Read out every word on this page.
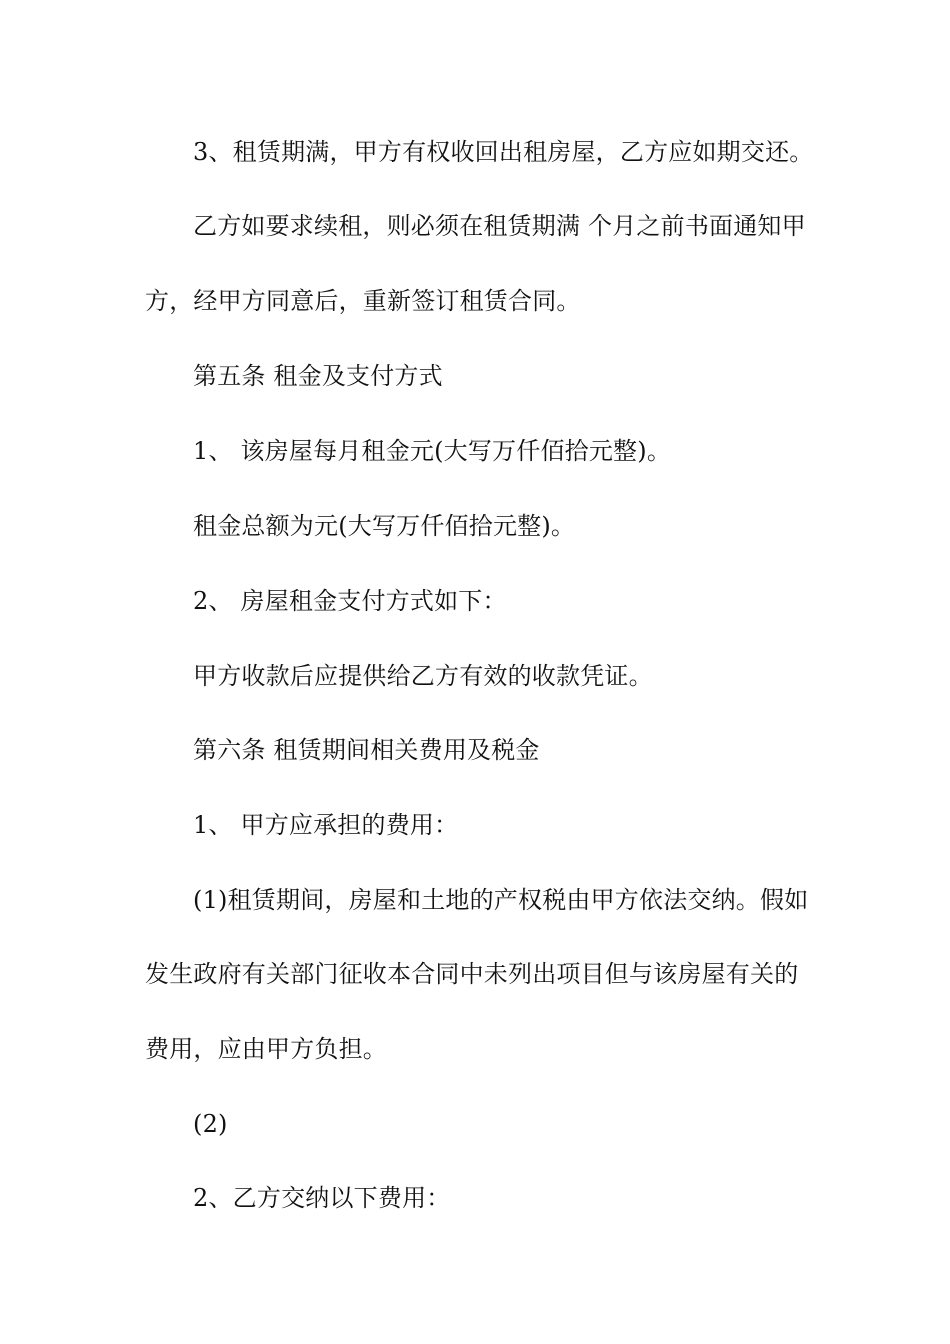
3、租赁期满，甲方有权收回出租房屋，乙方应如期交还。
乙方如要求续租，则必须在租赁期满 个月之前书面通知甲
方，经甲方同意后，重新签订租赁合同。
第五条 租金及支付方式
1、 该房屋每月租金元(大写万仟佰拾元整)。
租金总额为元(大写万仟佰拾元整)。
2、 房屋租金支付方式如下：
甲方收款后应提供给乙方有效的收款凭证。
第六条 租赁期间相关费用及税金
1、 甲方应承担的费用：
(1)租赁期间，房屋和土地的产权税由甲方依法交纳。假如
发生政府有关部门征收本合同中未列出项目但与该房屋有关的
费用，应由甲方负担。
(2)
2、乙方交纳以下费用：
